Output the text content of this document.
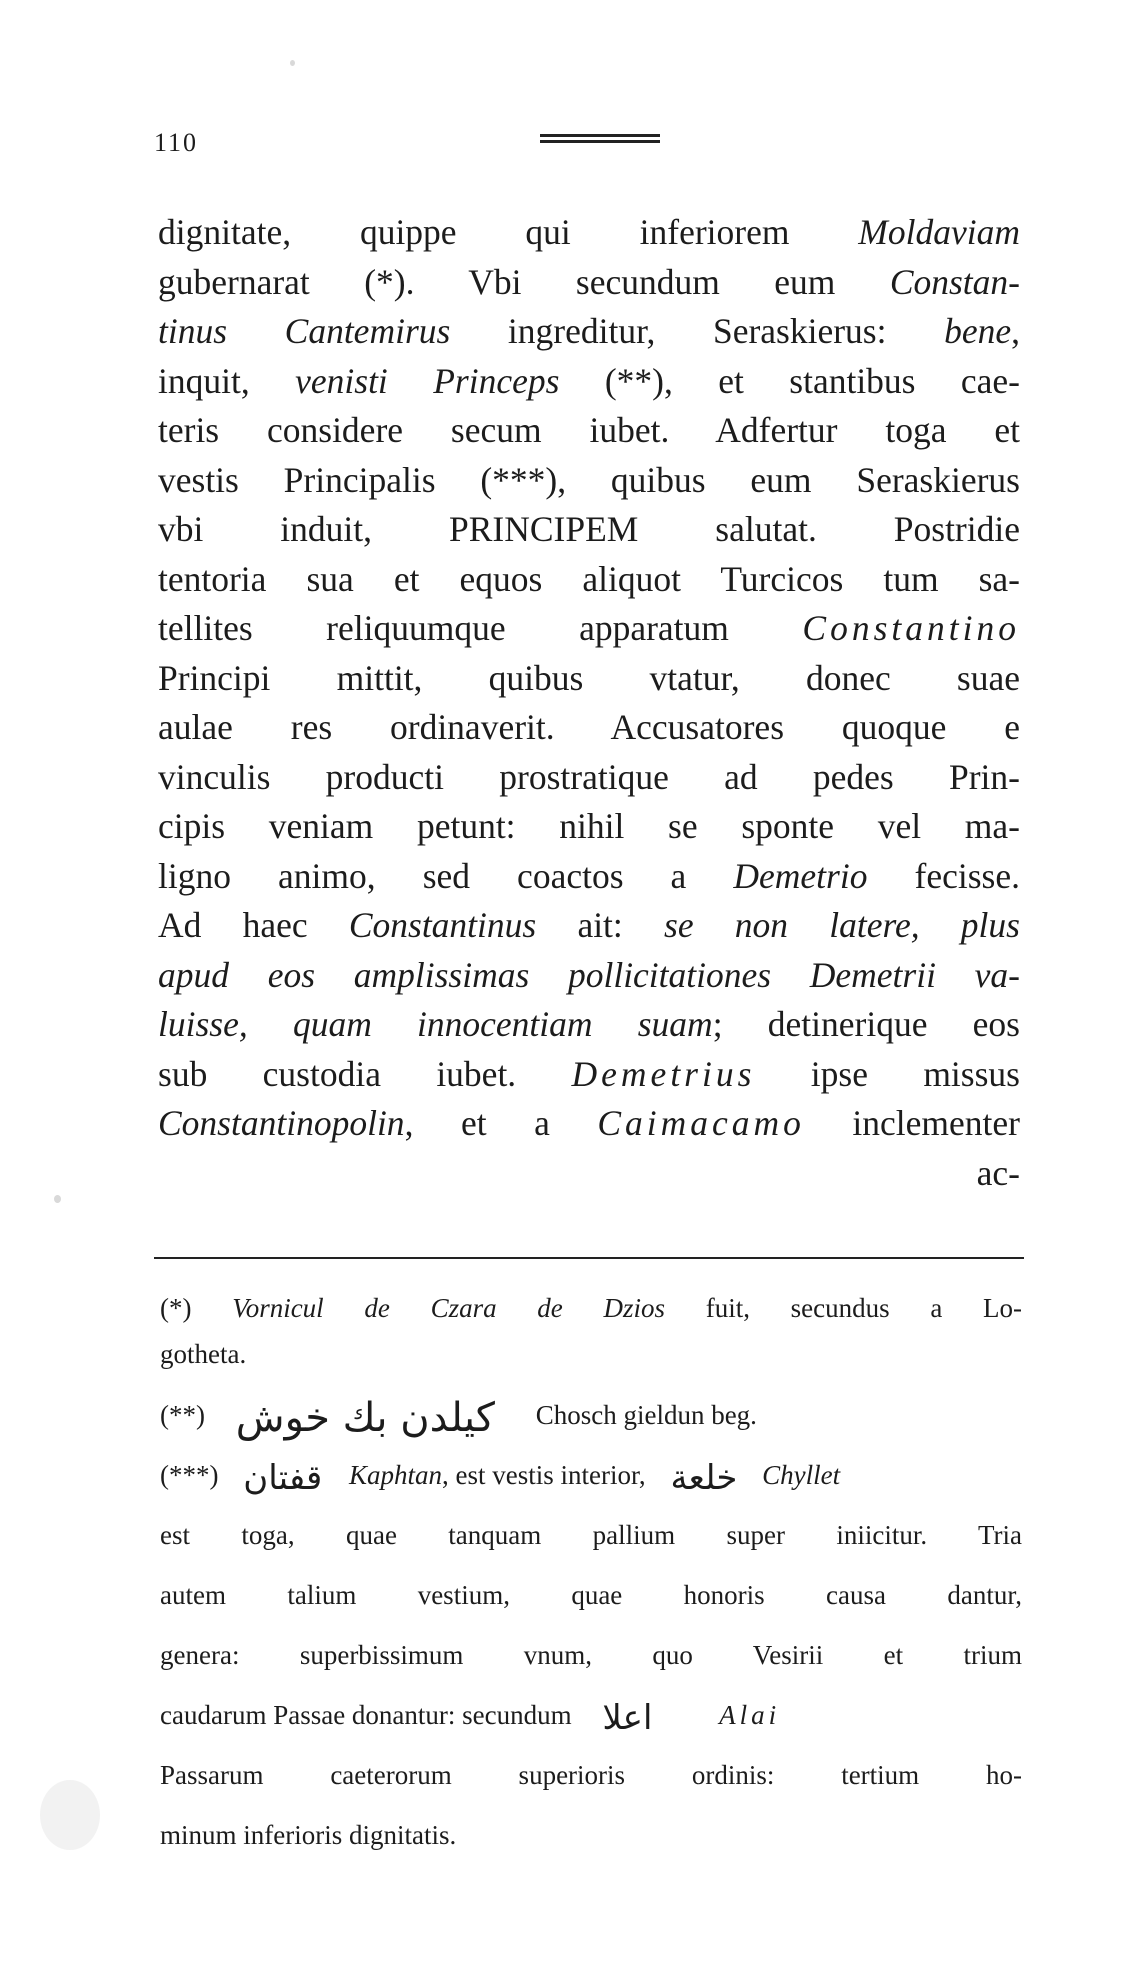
110
dignitate, quippe qui inferiorem Moldaviam
gubernarat (*). Vbi secundum eum Constan-
tinus Cantemirus ingreditur, Seraskierus: bene,
inquit, venisti Princeps (**), et stantibus cae-
teris considere secum iubet. Adfertur toga et
vestis Principalis (***), quibus eum Seraskierus
vbi induit, PRINCIPEM salutat. Postridie
tentoria sua et equos aliquot Turcicos tum sa-
tellites reliquumque apparatum Constantino
Principi mittit, quibus vtatur, donec suae
aulae res ordinaverit. Accusatores quoque e
vinculis producti prostratique ad pedes Prin-
cipis veniam petunt: nihil se sponte vel ma-
ligno animo, sed coactos a Demetrio fecisse.
Ad haec Constantinus ait: se non latere, plus
apud eos amplissimas pollicitationes Demetrii va-
luisse, quam innocentiam suam; detinerique eos
sub custodia iubet. Demetrius ipse missus
Constantinopolin, et a Caimacamo inclementer
ac-
(*) Vornicul de Czara de Dzios fuit, secundus a Lo-
gotheta.
(**) کیلدن بك خوش Chosch gieldun beg.
(***) قفتان Kaphtan, est vestis interior, خلعة Chyllet
est toga, quae tanquam pallium super iniicitur. Tria
autem talium vestium, quae honoris causa dantur,
genera: superbissimum vnum, quo Vesirii et trium
caudarum Passae donantur: secundum اعلا Alai
Passarum caeterorum superioris ordinis: tertium ho-
minum inferioris dignitatis.
